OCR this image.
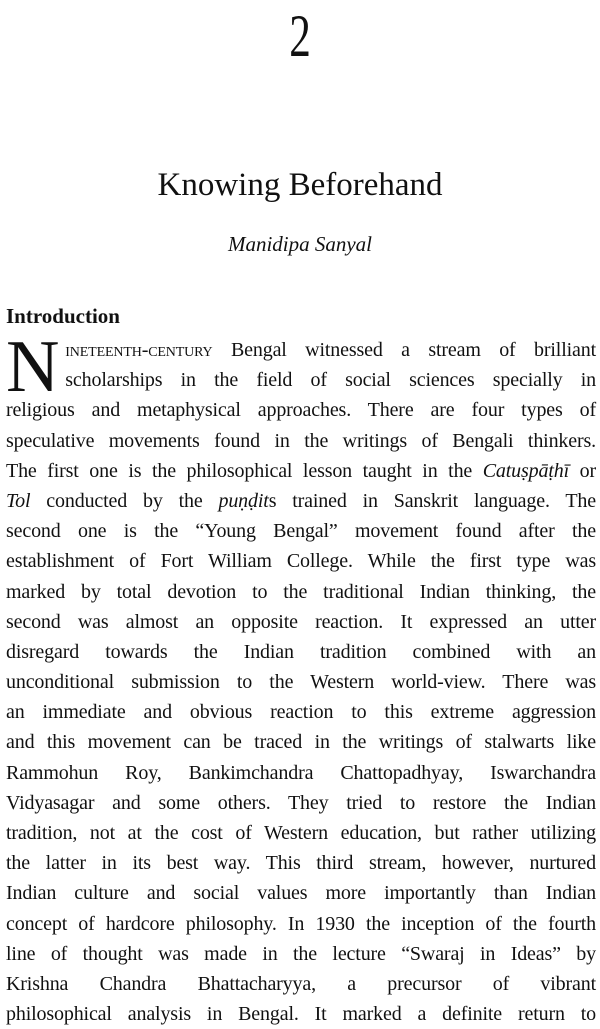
2
Knowing Beforehand
Manidipa Sanyal
Introduction
N ineteenth-century Bengal witnessed a stream of brilliant
scholarships in the field of social sciences specially in
religious and metaphysical approaches. There are four types of
speculative movements found in the writings of Bengali thinkers.
The first one is the philosophical lesson taught in the Catuṣpāṭhī or
Tol conducted by the puṇḍits trained in Sanskrit language. The
second one is the “Young Bengal” movement found after the
establishment of Fort William College. While the first type was
marked by total devotion to the traditional Indian thinking, the
second was almost an opposite reaction. It expressed an utter
disregard towards the Indian tradition combined with an
unconditional submission to the Western world-view. There was
an immediate and obvious reaction to this extreme aggression
and this movement can be traced in the writings of stalwarts like
Rammohun Roy, Bankimchandra Chattopadhyay, Iswarchandra
Vidyasagar and some others. They tried to restore the Indian
tradition, not at the cost of Western education, but rather utilizing
the latter in its best way. This third stream, however, nurtured
Indian culture and social values more importantly than Indian
concept of hardcore philosophy. In 1930 the inception of the fourth
line of thought was made in the lecture “Swaraj in Ideas” by
Krishna Chandra Bhattacharyya, a precursor of vibrant
philosophical analysis in Bengal. It marked a definite return to
